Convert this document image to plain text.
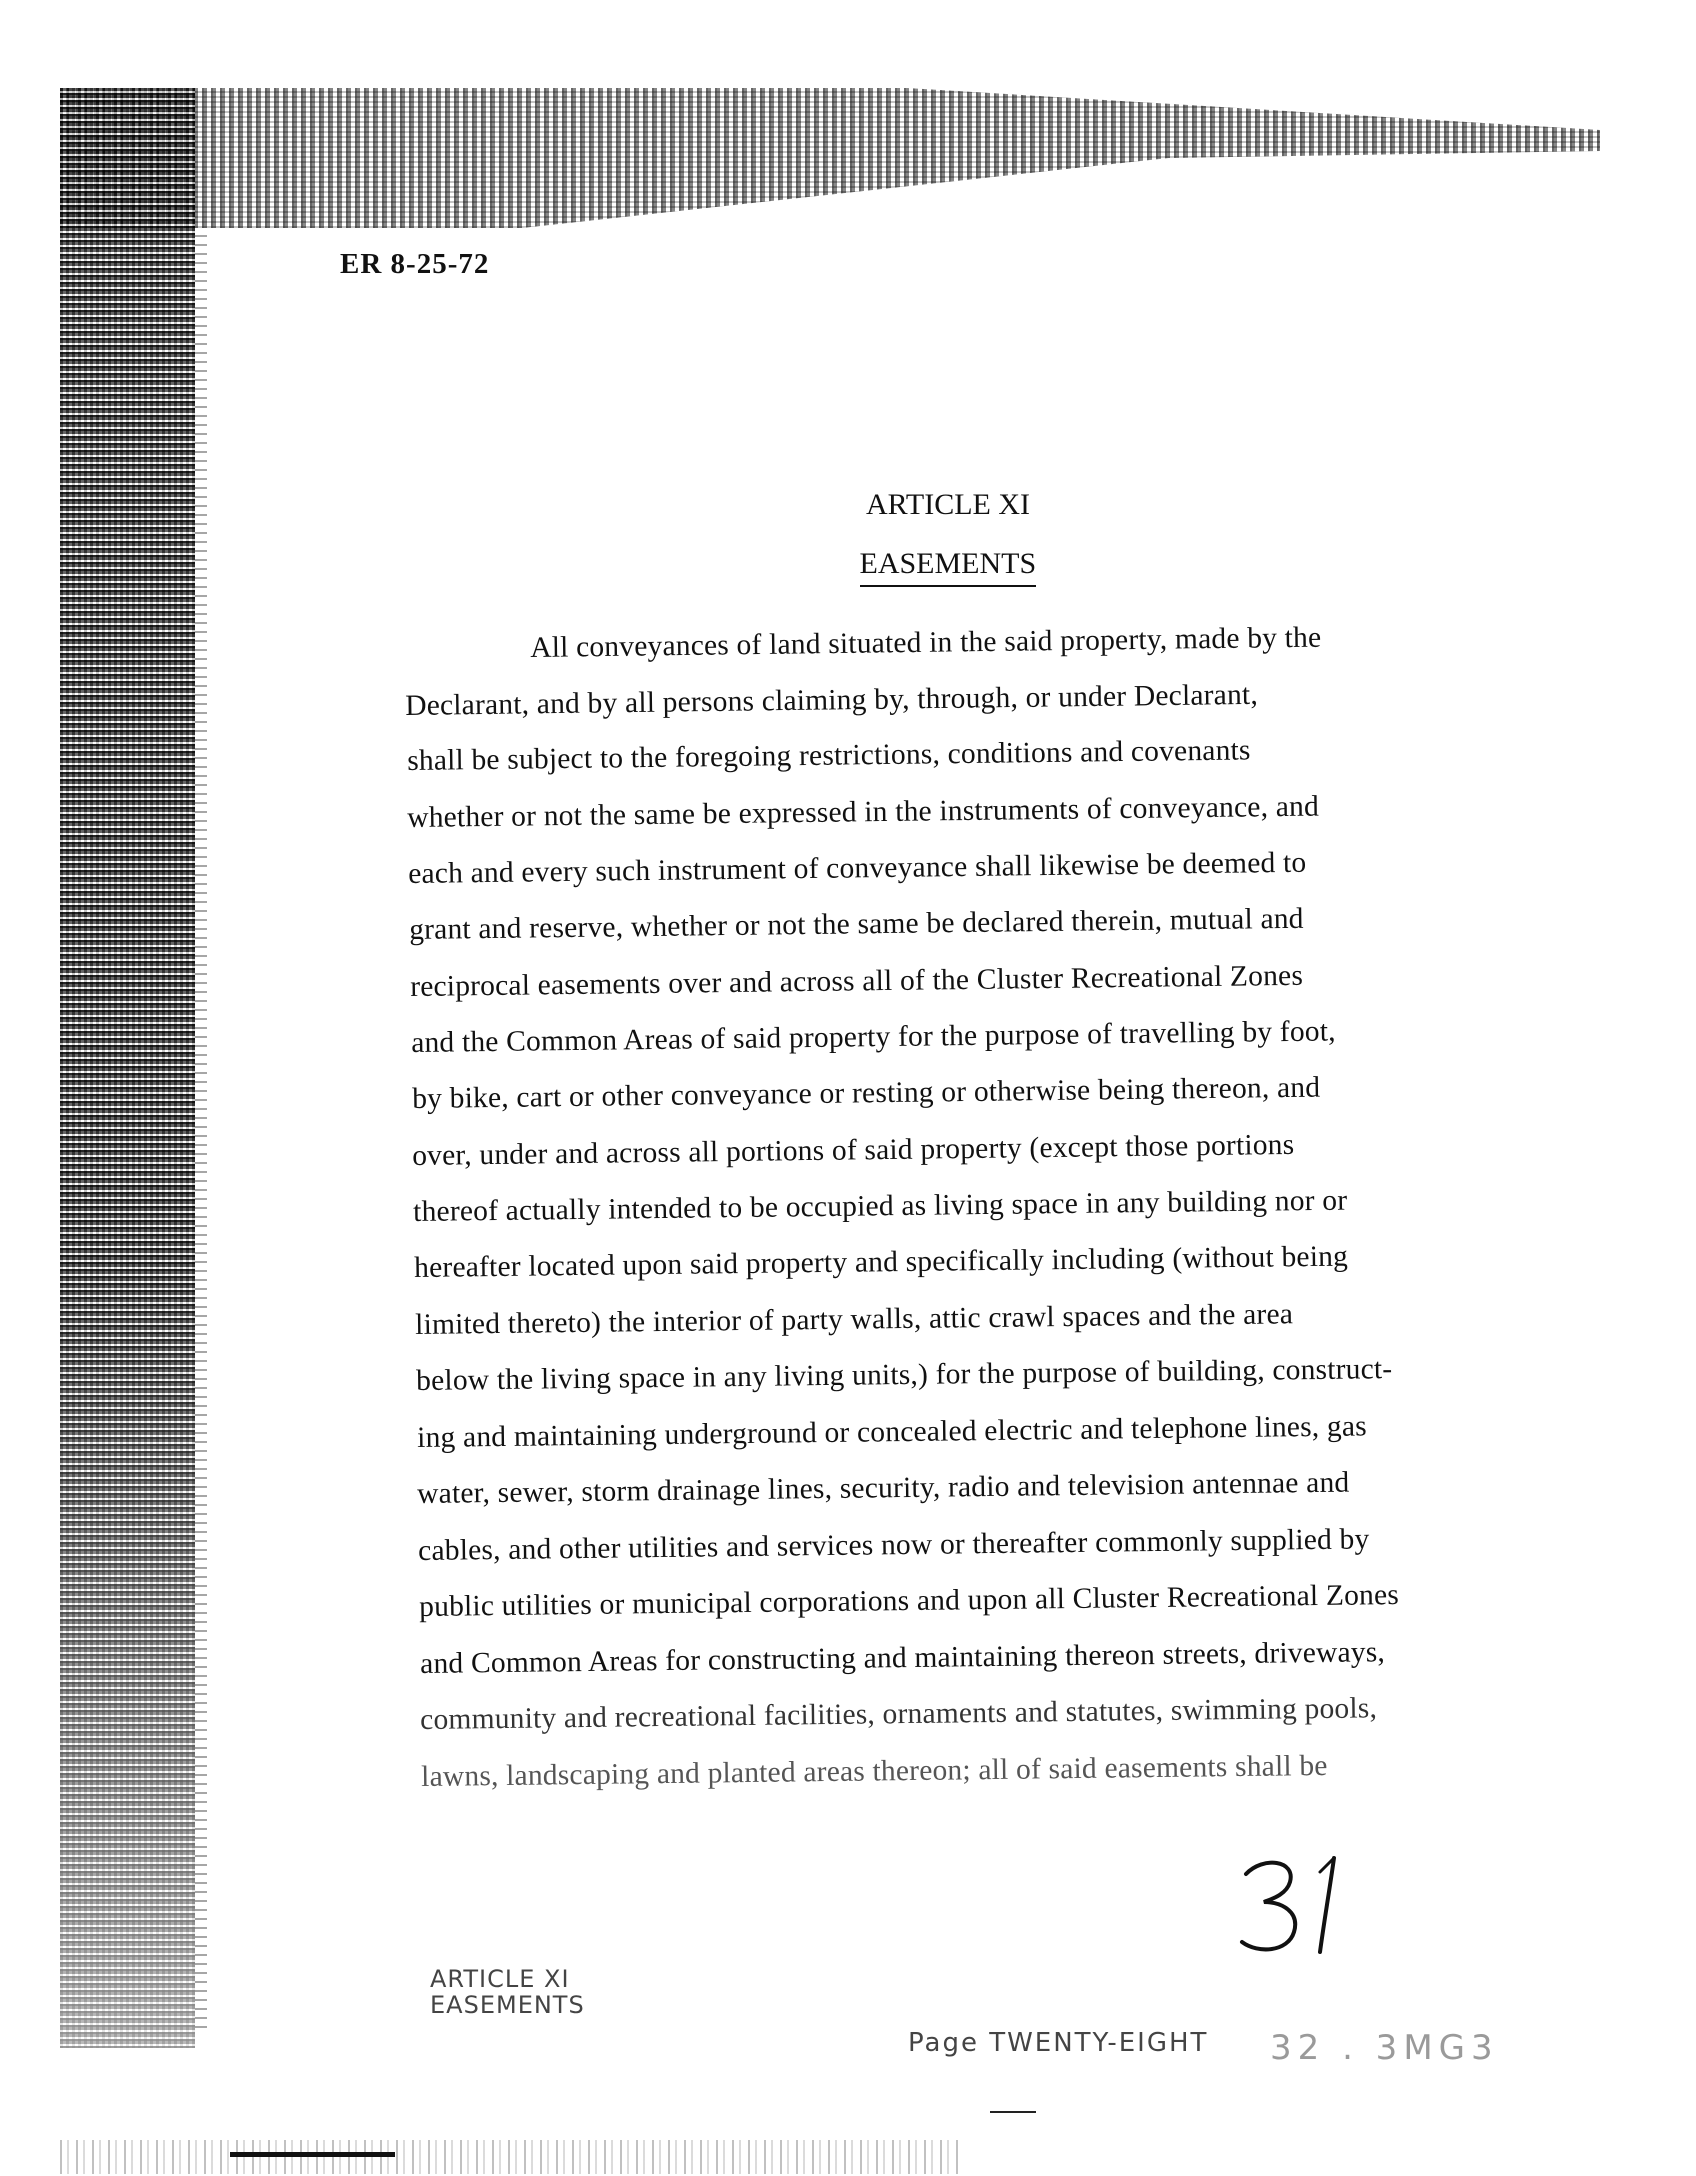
ER 8-25-72
ARTICLE XI
EASEMENTS
All conveyances of land situated in the said property, made by the
Declarant, and by all persons claiming by, through, or under Declarant,
shall be subject to the foregoing restrictions, conditions and covenants
whether or not the same be expressed in the instruments of conveyance, and
each and every such instrument of conveyance shall likewise be deemed to
grant and reserve, whether or not the same be declared therein, mutual and
reciprocal easements over and across all of the Cluster Recreational Zones
and the Common Areas of said property for the purpose of travelling by foot,
by bike, cart or other conveyance or resting or otherwise being thereon, and
over, under and across all portions of said property (except those portions
thereof actually intended to be occupied as living space in any building nor or
hereafter located upon said property and specifically including (without being
limited thereto) the interior of party walls, attic crawl spaces and the area
below the living space in any living units,) for the purpose of building, construct-
ing and maintaining underground or concealed electric and telephone lines, gas
water, sewer, storm drainage lines, security, radio and television antennae and
cables, and other utilities and services now or thereafter commonly supplied by
public utilities or municipal corporations and upon all Cluster Recreational Zones
and Common Areas for constructing and maintaining thereon streets, driveways,
community and recreational facilities, ornaments and statutes, swimming pools,
lawns, landscaping and planted areas thereon; all of said easements shall be
ARTICLE XI
EASEMENTS
Page TWENTY-EIGHT 32 . 3MG3
